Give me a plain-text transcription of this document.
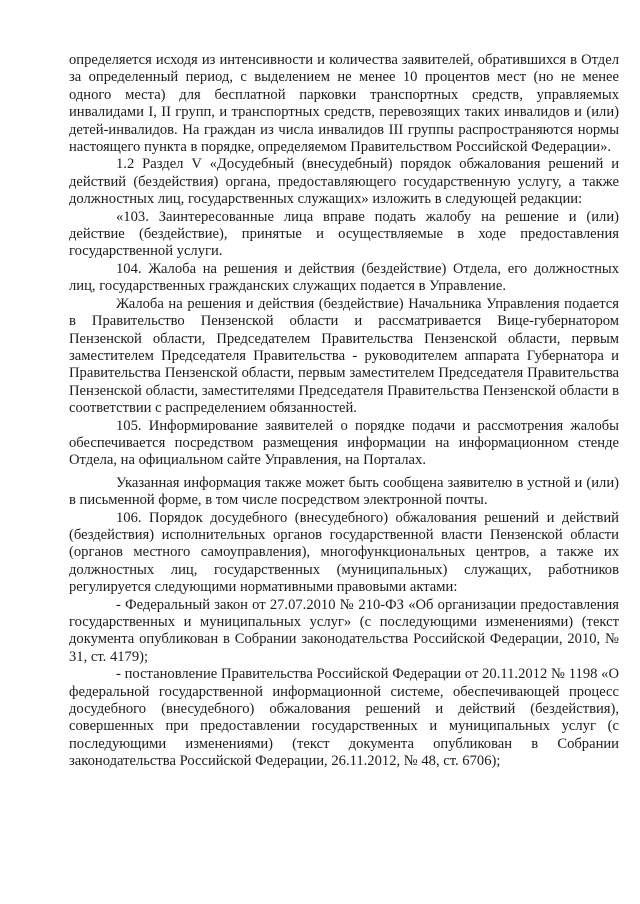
определяется исходя из интенсивности и количества заявителей, обратившихся в Отдел за определенный период, с выделением не менее 10 процентов мест (но не менее одного места) для бесплатной парковки транспортных средств, управляемых инвалидами I, II групп, и транспортных средств, перевозящих таких инвалидов и (или) детей-инвалидов. На граждан из числа инвалидов III группы распространяются нормы настоящего пункта в порядке, определяемом Правительством Российской Федерации».

1.2 Раздел V «Досудебный (внесудебный) порядок обжалования решений и действий (бездействия) органа, предоставляющего государственную услугу, а также должностных лиц, государственных служащих» изложить в следующей редакции:

«103. Заинтересованные лица вправе подать жалобу на решение и (или) действие (бездействие), принятые и осуществляемые в ходе предоставления государственной услуги.

104. Жалоба на решения и действия (бездействие) Отдела, его должностных лиц, государственных гражданских служащих подается в Управление.

Жалоба на решения и действия (бездействие) Начальника Управления подается в Правительство Пензенской области и рассматривается Вице-губернатором Пензенской области, Председателем Правительства Пензенской области, первым заместителем Председателя Правительства - руководителем аппарата Губернатора и Правительства Пензенской области, первым заместителем Председателя Правительства Пензенской области, заместителями Председателя Правительства Пензенской области в соответствии с распределением обязанностей.

105. Информирование заявителей о порядке подачи и рассмотрения жалобы обеспечивается посредством размещения информации на информационном стенде Отдела, на официальном сайте Управления, на Порталах.

Указанная информация также может быть сообщена заявителю в устной и (или) в письменной форме, в том числе посредством электронной почты.

106. Порядок досудебного (внесудебного) обжалования решений и действий (бездействия) исполнительных органов государственной власти Пензенской области (органов местного самоуправления), многофункциональных центров, а также их должностных лиц, государственных (муниципальных) служащих, работников регулируется следующими нормативными правовыми актами:

- Федеральный закон от 27.07.2010 № 210-ФЗ «Об организации предоставления государственных и муниципальных услуг» (с последующими изменениями) (текст документа опубликован в Собрании законодательства Российской Федерации, 2010, № 31, ст. 4179);

- постановление Правительства Российской Федерации от 20.11.2012 № 1198 «О федеральной государственной информационной системе, обеспечивающей процесс досудебного (внесудебного) обжалования решений и действий (бездействия), совершенных при предоставлении государственных и муниципальных услуг (с последующими изменениями) (текст документа опубликован в Собрании законодательства Российской Федерации, 26.11.2012, № 48, ст. 6706);
